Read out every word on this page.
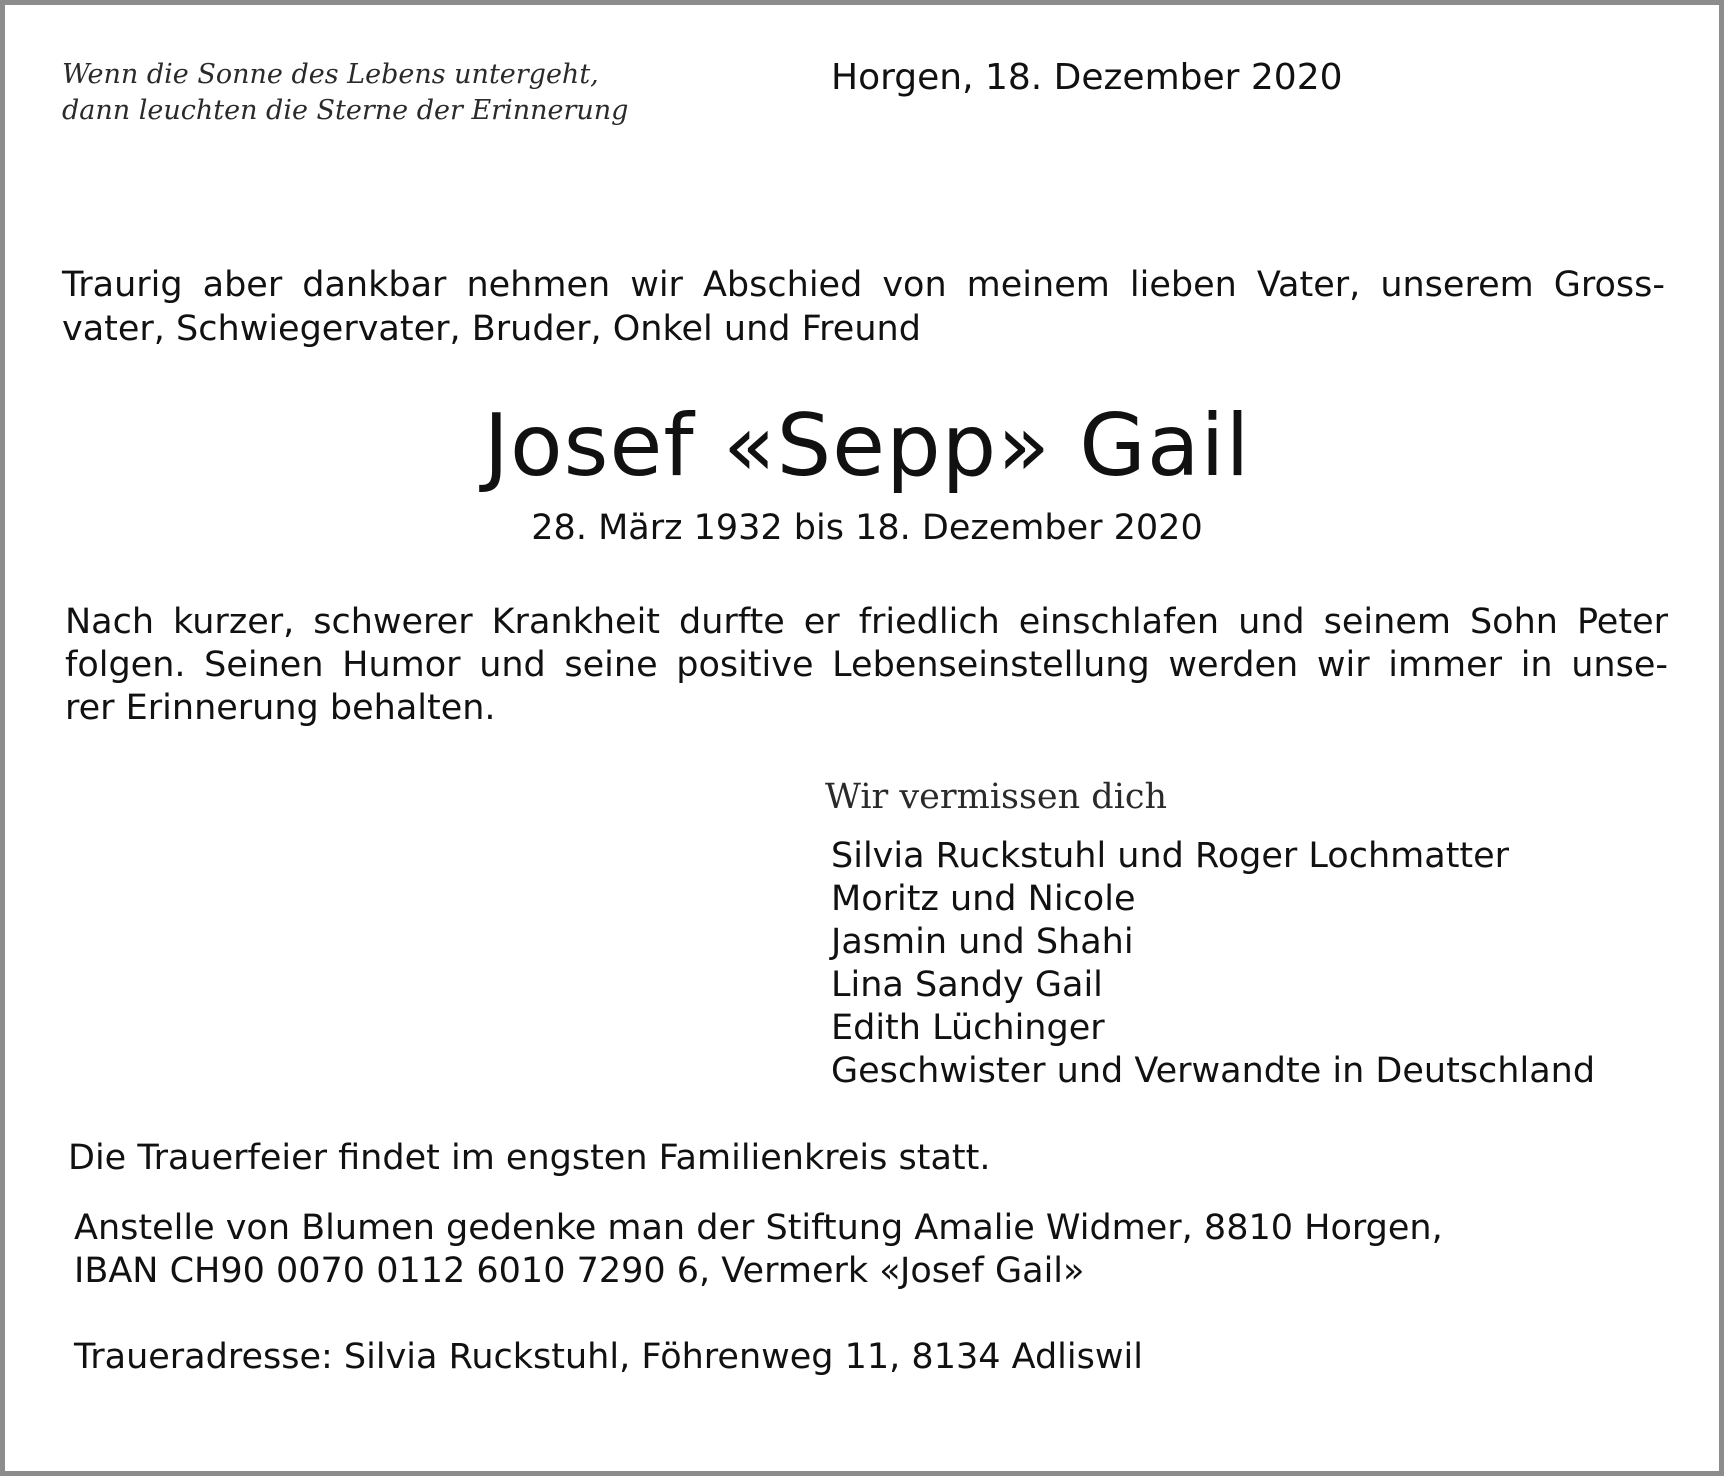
Wenn die Sonne des Lebens untergeht,
dann leuchten die Sterne der Erinnerung
Horgen, 18. Dezember 2020
Traurig aber dankbar nehmen wir Abschied von meinem lieben Vater, unserem Gross-
vater, Schwiegervater, Bruder, Onkel und Freund
Josef «Sepp» Gail
28. März 1932 bis 18. Dezember 2020
Nach kurzer, schwerer Krankheit durfte er friedlich einschlafen und seinem Sohn Peter
folgen. Seinen Humor und seine positive Lebenseinstellung werden wir immer in unse-
rer Erinnerung behalten.
Wir vermissen dich
Silvia Ruckstuhl und Roger Lochmatter
Moritz und Nicole
Jasmin und Shahi
Lina Sandy Gail
Edith Lüchinger
Geschwister und Verwandte in Deutschland
Die Trauerfeier findet im engsten Familienkreis statt.
Anstelle von Blumen gedenke man der Stiftung Amalie Widmer, 8810 Horgen,
IBAN CH90 0070 0112 6010 7290 6, Vermerk «Josef Gail»
Traueradresse: Silvia Ruckstuhl, Föhrenweg 11, 8134 Adliswil
